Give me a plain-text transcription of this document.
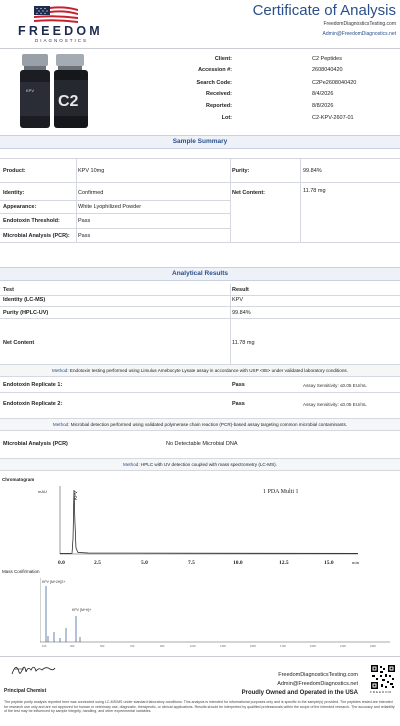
FREEDOM
DIAGNOSTICS
Certificate of Analysis
FreedomDiagnosticsTesting.com
Admin@FreedomDiagnostics.net
KPV
C2
Client:	C2 Peptides
Accession #:	2608040420
Search Code:	C2Pe2608040420
Received:	8/4/2026
Reported:	8/8/2026
Lot:	C2-KPV-2607-01
Sample Summary
Product:	KPV 10mg	Purity:	99.84%
Identity:	Confirmed	Net Content:	11.78 mg
Appearance:	White Lyophilized Powder
Endotoxin Threshold:	Pass
Microbial Analysis (PCR): Pass
Analytical Results
Test	Result
Identity (LC-MS)	KPV
Purity (HPLC-UV)	99.84%
Net Content	11.78 mg
Method: Endotoxin testing performed using Limulus Amebocyte Lysate assay in accordance with USP <85> under validated laboratory conditions.
Endotoxin Replicate 1:	Pass	Assay Sensitivity: ≤0.05 EU/mL
Endotoxin Replicate 2:	Pass	Assay Sensitivity: ≤0.05 EU/mL
Method: Microbial detection performed using validated polymerase chain reaction (PCR)-based assay targeting common microbial contaminants.
Microbial Analysis (PCR)	No Detectable Microbial DNA
Method: HPLC with UV detection coupled with mass spectrometry (LC-MS).
Chromatogram
mAU	1 PDA Multi 1
KPV
0.0	2.5	5.0	7.5	10.0	12.5	15.0	min
Mass Confirmation
KPV [M+2H]2+
KPV [M+H]+
100	300	500	700	900	1100	1300	1500	1700	1900	2100	2300
Principal Chemist
FreedomDiagnosticsTesting.com
Admin@FreedomDiagnostics.net
Proudly Owned and Operated in the USA	FREEDOM
The peptide purity analysis reported here was conducted using LC-MS/MS under standard laboratory conditions. This analysis is intended for informational purposes only and is specific to the sample(s) provided. The peptides tested are intended for research use only and are not approved for human or veterinary use, diagnostic, therapeutic, or clinical applications. Results should be interpreted by qualified professionals within the scope of the intended research. The accuracy and reliability of the test may be influenced by sample integrity, handling, and other experimental variables.
